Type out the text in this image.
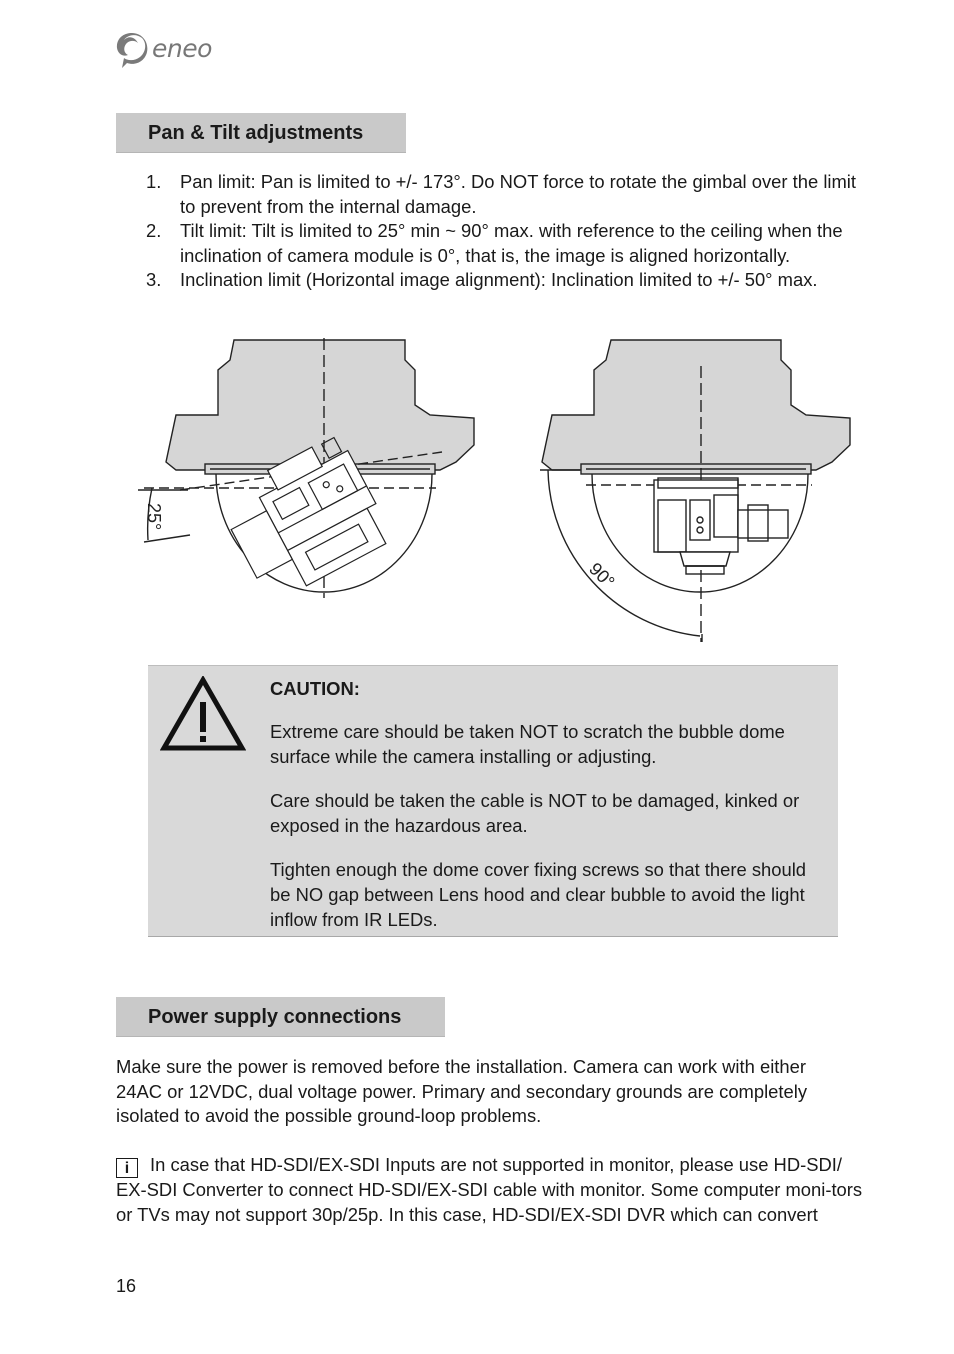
eneo
Pan & Tilt adjustments
1. Pan limit: Pan is limited to +/- 173°. Do NOT force to rotate the gimbal over the limit to prevent from the internal damage.
2. Tilt limit: Tilt is limited to 25° min ~ 90° max. with reference to the ceiling when the inclination of camera module is 0°, that is, the image is aligned horizontally.
3. Inclination limit (Horizontal image alignment): Inclination limited to +/- 50° max.
25°
90°
CAUTION:

Extreme care should be taken NOT to scratch the bubble dome surface while the camera installing or adjusting.

Care should be taken the cable is NOT to be damaged, kinked or exposed in the hazardous area.

Tighten enough the dome cover fixing screws so that there should be NO gap between Lens hood and clear bubble to avoid the light inflow from IR LEDs.

Power supply connections

Make sure the power is removed before the installation. Camera can work with either 24AC or 12VDC, dual voltage power. Primary and secondary grounds are completely isolated to avoid the possible ground-loop problems.

i In case that HD-SDI/EX-SDI Inputs are not supported in monitor, please use HD-SDI/ EX-SDI Converter to connect HD-SDI/EX-SDI cable with monitor. Some computer moni-tors or TVs may not support 30p/25p. In this case, HD-SDI/EX-SDI DVR which can convert

16
